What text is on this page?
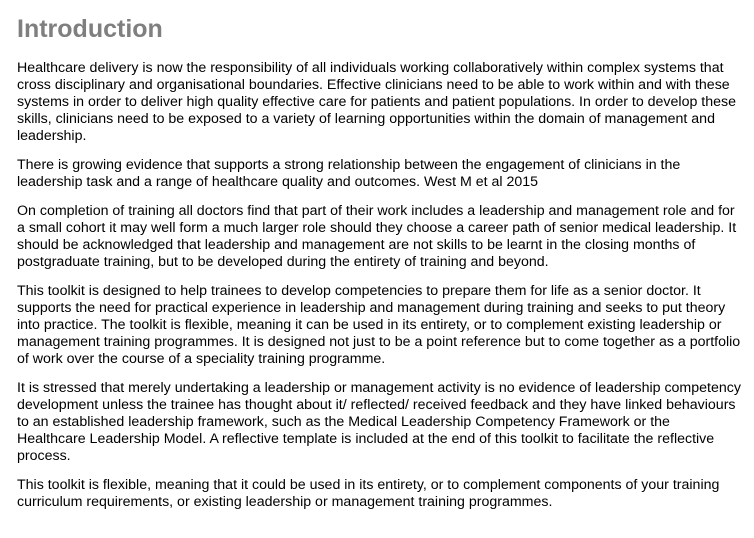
Introduction

Healthcare delivery is now the responsibility of all individuals working collaboratively within complex systems that cross disciplinary and organisational boundaries. Effective clinicians need to be able to work within and with these systems in order to deliver high quality effective care for patients and patient populations. In order to develop these skills, clinicians need to be exposed to a variety of learning opportunities within the domain of management and leadership.

There is growing evidence that supports a strong relationship between the engagement of clinicians in the leadership task and a range of healthcare quality and outcomes. West M et al 2015

On completion of training all doctors find that part of their work includes a leadership and management role and for a small cohort it may well form a much larger role should they choose a career path of senior medical leadership. It should be acknowledged that leadership and management are not skills to be learnt in the closing months of postgraduate training, but to be developed during the entirety of training and beyond.

This toolkit is designed to help trainees to develop competencies to prepare them for life as a senior doctor. It supports the need for practical experience in leadership and management during training and seeks to put theory into practice. The toolkit is flexible, meaning it can be used in its entirety, or to complement existing leadership or management training programmes. It is designed not just to be a point reference but to come together as a portfolio of work over the course of a speciality training programme.

It is stressed that merely undertaking a leadership or management activity is no evidence of leadership competency development unless the trainee has thought about it/ reflected/ received feedback and they have linked behaviours to an established leadership framework, such as the Medical Leadership Competency Framework or the Healthcare Leadership Model. A reflective template is included at the end of this toolkit to facilitate the reflective process.

This toolkit is flexible, meaning that it could be used in its entirety, or to complement components of your training curriculum requirements, or existing leadership or management training programmes.
